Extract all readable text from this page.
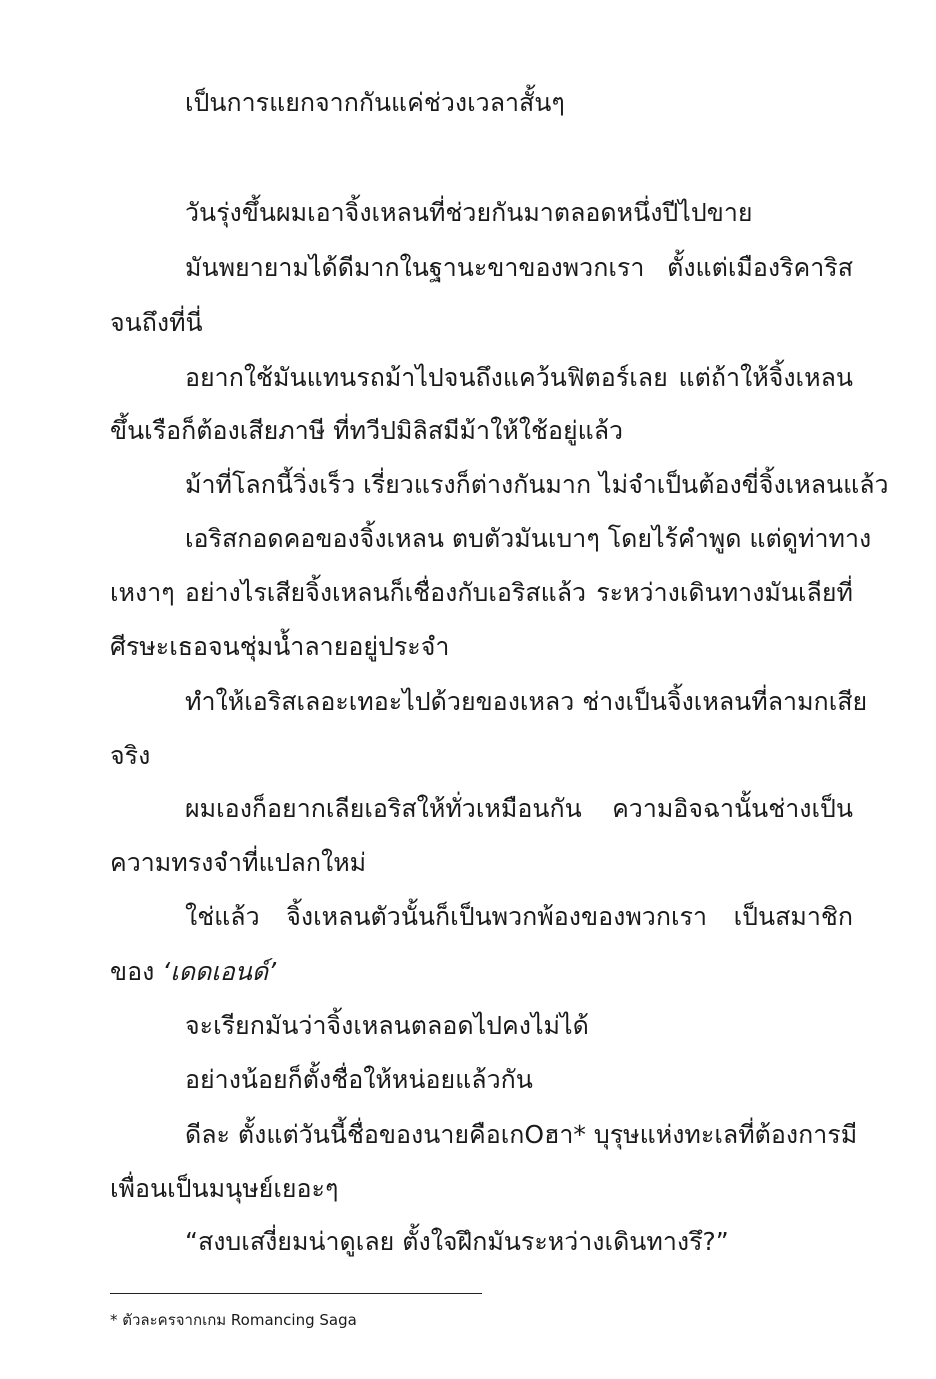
เป็นการแยกจากกันแค่ช่วงเวลาสั้นๆ
วันรุ่งขึ้นผมเอาจิ้งเหลนที่ช่วยกันมาตลอดหนึ่งปีไปขาย
มันพยายามได้ดีมากในฐานะขาของพวกเรา ตั้งแต่เมืองริคาริส
จนถึงที่นี่
อยากใช้มันแทนรถม้าไปจนถึงแคว้นฟิตอร์เลย แต่ถ้าให้จิ้งเหลน
ขึ้นเรือก็ต้องเสียภาษี ที่ทวีปมิลิสมีม้าให้ใช้อยู่แล้ว
ม้าที่โลกนี้วิ่งเร็ว เรี่ยวแรงก็ต่างกันมาก ไม่จำเป็นต้องขี่จิ้งเหลนแล้ว
เอริสกอดคอของจิ้งเหลน ตบตัวมันเบาๆ โดยไร้คำพูด แต่ดูท่าทาง
เหงาๆ อย่างไรเสียจิ้งเหลนก็เชื่องกับเอริสแล้ว ระหว่างเดินทางมันเลียที่
ศีรษะเธอจนชุ่มน้ำลายอยู่ประจำ
ทำให้เอริสเลอะเทอะไปด้วยของเหลว ช่างเป็นจิ้งเหลนที่ลามกเสีย
จริง
ผมเองก็อยากเลียเอริสให้ทั่วเหมือนกัน ความอิจฉานั้นช่างเป็น
ความทรงจำที่แปลกใหม่
ใช่แล้ว จิ้งเหลนตัวนั้นก็เป็นพวกพ้องของพวกเรา เป็นสมาชิก
ของ ‘เดดเอนด์’
จะเรียกมันว่าจิ้งเหลนตลอดไปคงไม่ได้
อย่างน้อยก็ตั้งชื่อให้หน่อยแล้วกัน
ดีละ ตั้งแต่วันนี้ชื่อของนายคือเกOฮา* บุรุษแห่งทะเลที่ต้องการมี
เพื่อนเป็นมนุษย์เยอะๆ
“สงบเสงี่ยมน่าดูเลย ตั้งใจฝึกมันระหว่างเดินทางรึ?”
* ตัวละครจากเกม Romancing Saga
